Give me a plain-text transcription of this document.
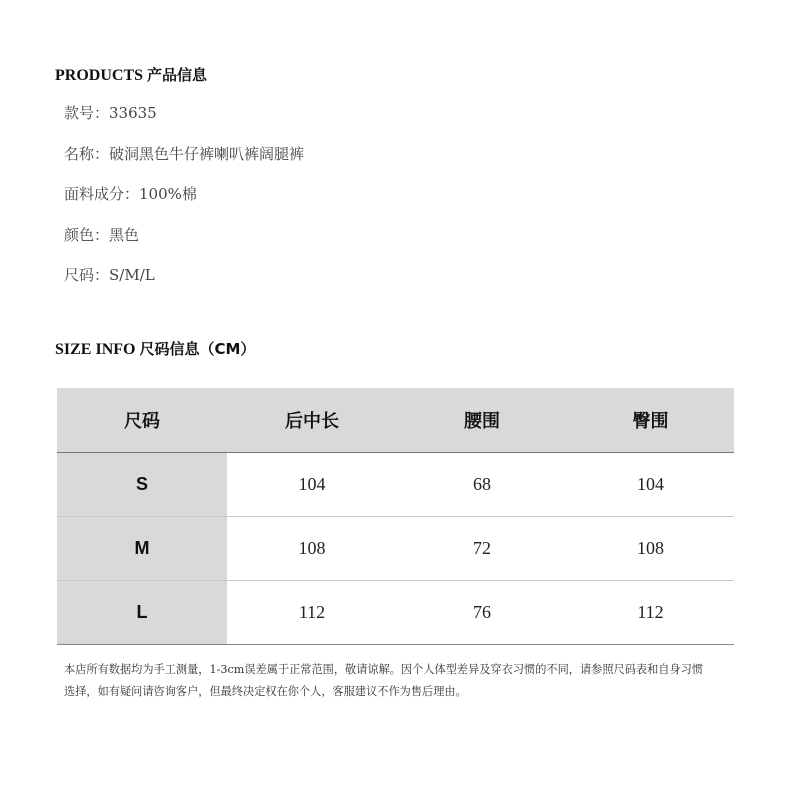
PRODUCTS 产品信息
款号：33635
名称：破洞黑色牛仔裤喇叭裤阔腿裤
面料成分：100%棉
颜色：黑色
尺码：S/M/L
SIZE INFO 尺码信息（CM）
尺码	后中长	腰围	臀围
S	104	68	104
M	108	72	108
L	112	76	112

本店所有数据均为手工测量，1-3cm误差属于正常范围，敬请谅解。因个人体型差异及穿衣习惯的不同，请参照尺码表和自身习惯
选择，如有疑问请咨询客户，但最终决定权在你个人，客服建议不作为售后理由。
